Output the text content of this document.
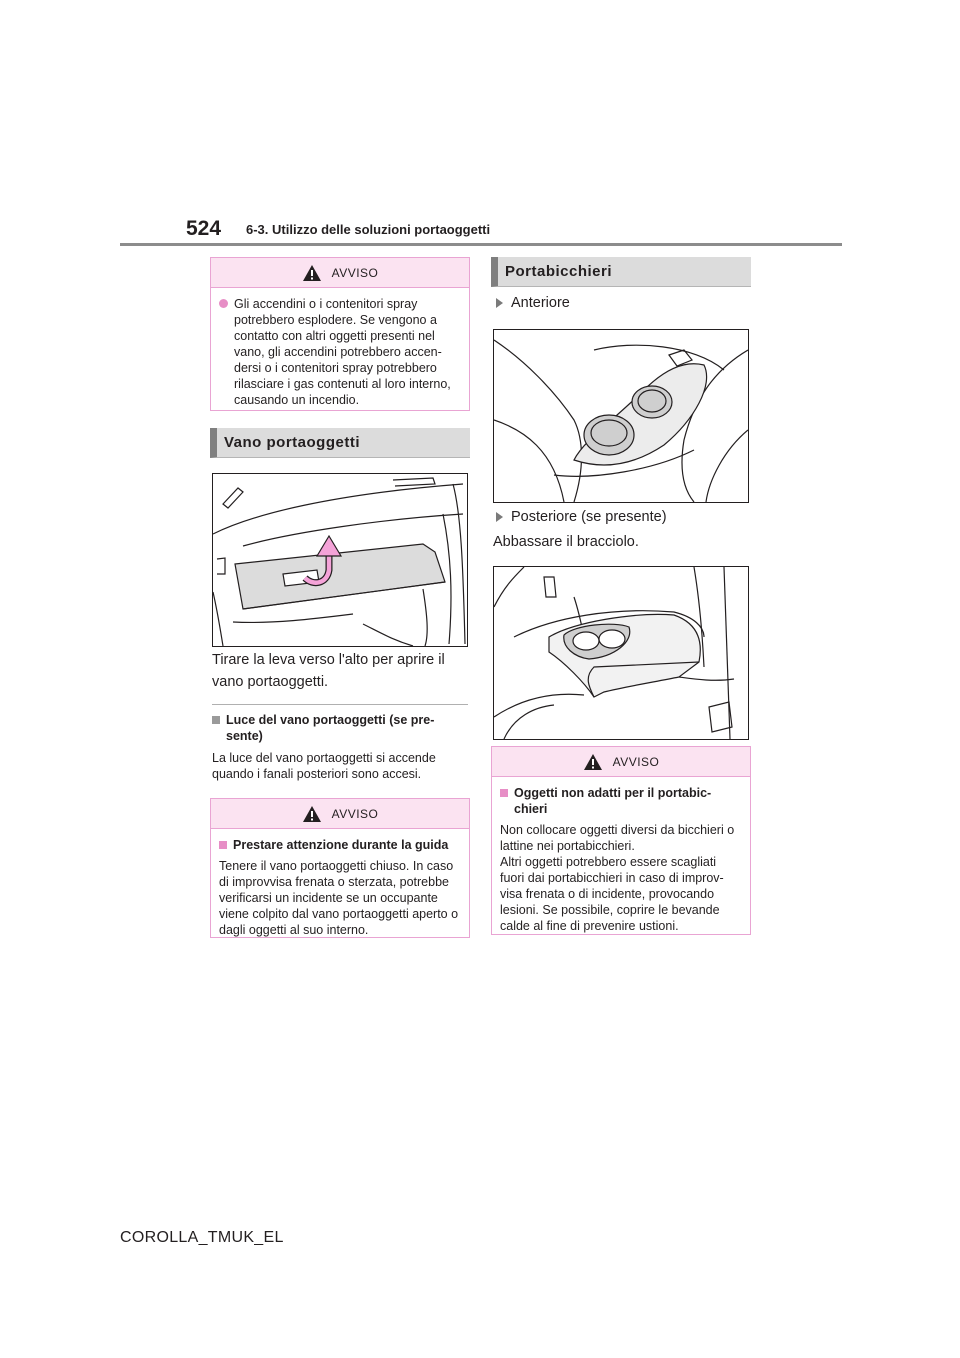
524 6-3. Utilizzo delle soluzioni portaoggetti
AVVISO
Gli accendini o i contenitori spray potrebbero esplodere. Se vengono a contatto con altri oggetti presenti nel vano, gli accendini potrebbero accen-dersi o i contenitori spray potrebbero rilasciare i gas contenuti al loro interno, causando un incendio.
Vano portaoggetti
Tirare la leva verso l'alto per aprire il vano portaoggetti.
Luce del vano portaoggetti (se pre-sente)
La luce del vano portaoggetti si accende quando i fanali posteriori sono accesi.
AVVISO
Prestare attenzione durante la guida
Tenere il vano portaoggetti chiuso. In caso di improvvisa frenata o sterzata, potrebbe verificarsi un incidente se un occupante viene colpito dal vano portaoggetti aperto o dagli oggetti al suo interno.
Portabicchieri
Anteriore
Posteriore (se presente)
Abbassare il bracciolo.
AVVISO
Oggetti non adatti per il portabic-chieri
Non collocare oggetti diversi da bicchieri o lattine nei portabicchieri.
Altri oggetti potrebbero essere scagliati fuori dai portabicchieri in caso di improv-visa frenata o di incidente, provocando lesioni. Se possibile, coprire le bevande calde al fine di prevenire ustioni.
COROLLA_TMUK_EL
